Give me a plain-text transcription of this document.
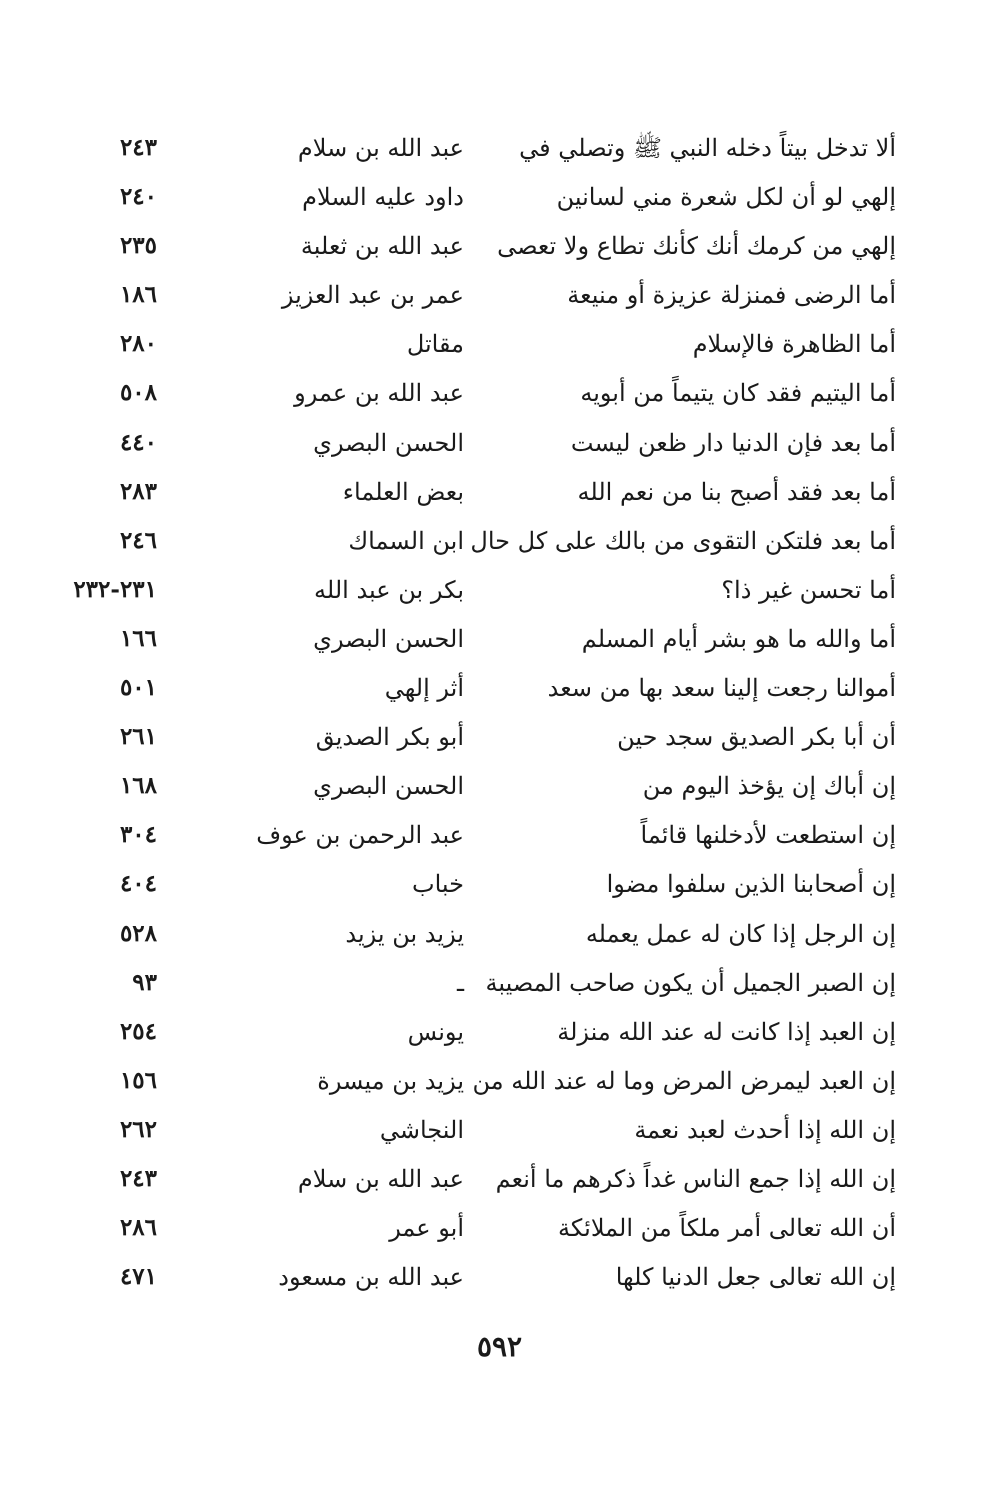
ألا تدخل بيتاً دخله النبي ﷺ وتصلي في
عبد الله بن سلام
٢٤٣
إلهي لو أن لكل شعرة مني لسانين
داود عليه السلام
٢٤٠
إلهي من كرمك أنك كأنك تطاع ولا تعصى
عبد الله بن ثعلبة
٢٣٥
أما الرضى فمنزلة عزيزة أو منيعة
عمر بن عبد العزيز
١٨٦
أما الظاهرة فالإسلام
مقاتل
٢٨٠
أما اليتيم فقد كان يتيماً من أبويه
عبد الله بن عمرو
٥٠٨
أما بعد فإن الدنيا دار ظعن ليست
الحسن البصري
٤٤٠
أما بعد فقد أصبح بنا من نعم الله
بعض العلماء
٢٨٣
أما بعد فلتكن التقوى من بالك على كل حال
ابن السماك
٢٤٦
أما تحسن غير ذا؟
بكر بن عبد الله
٢٣١-٢٣٢
أما والله ما هو بشر أيام المسلم
الحسن البصري
١٦٦
أموالنا رجعت إلينا سعد بها من سعد
أثر إلهي
٥٠١
أن أبا بكر الصديق سجد حين
أبو بكر الصديق
٢٦١
إن أباك إن يؤخذ اليوم من
الحسن البصري
١٦٨
إن استطعت لأدخلنها قائماً
عبد الرحمن بن عوف
٣٠٤
إن أصحابنا الذين سلفوا مضوا
خباب
٤٠٤
إن الرجل إذا كان له عمل يعمله
يزيد بن يزيد
٥٢٨
إن الصبر الجميل أن يكون صاحب المصيبة
ـ
٩٣
إن العبد إذا كانت له عند الله منزلة
يونس
٢٥٤
إن العبد ليمرض المرض وما له عند الله من
يزيد بن ميسرة
١٥٦
إن الله إذا أحدث لعبد نعمة
النجاشي
٢٦٢
إن الله إذا جمع الناس غداً ذكرهم ما أنعم
عبد الله بن سلام
٢٤٣
أن الله تعالى أمر ملكاً من الملائكة
أبو عمر
٢٨٦
إن الله تعالى جعل الدنيا كلها
عبد الله بن مسعود
٤٧١
٥٩٢
